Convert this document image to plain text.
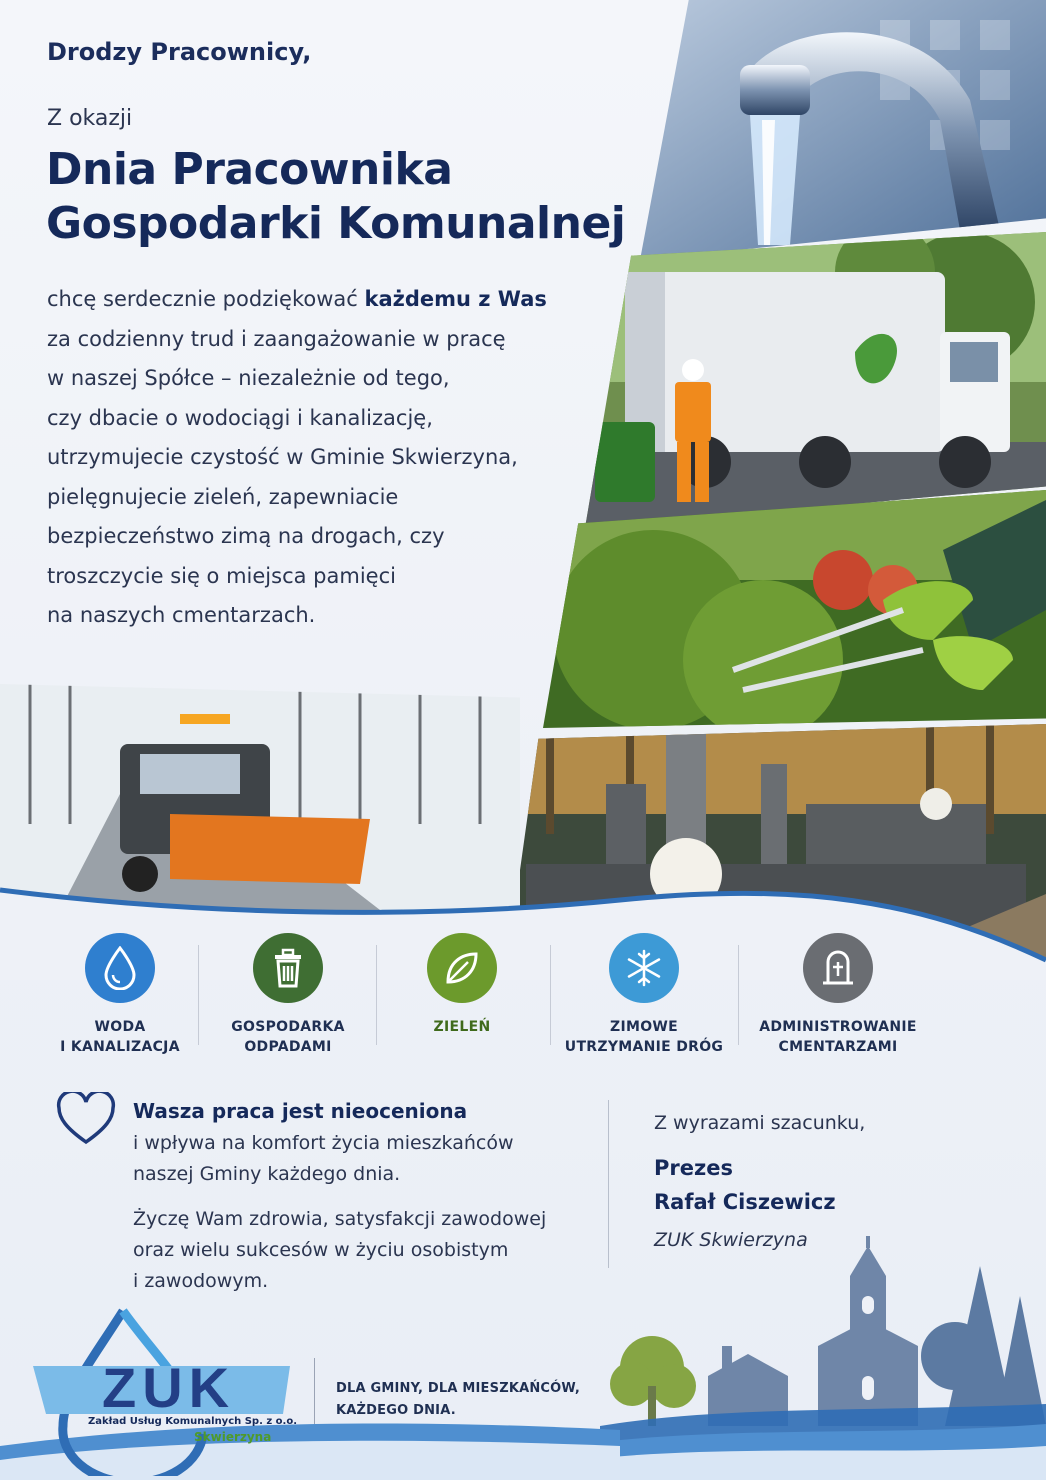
Drodzy Pracownicy,
Z okazji
Dnia Pracownika
Gospodarki Komunalnej
chcę serdecznie podziękować każdemu z Was
za codzienny trud i zaangażowanie w pracę
w naszej Spółce – niezależnie od tego,
czy dbacie o wodociągi i kanalizację,
utrzymujecie czystość w Gminie Skwierzyna,
pielęgnujecie zieleń, zapewniacie
bezpieczeństwo zimą na drogach, czy
troszczycie się o miejsca pamięci
na naszych cmentarzach.
WODA
I KANALIZACJA
GOSPODARKA
ODPADAMI
ZIELEŃ	ZIMOWE
UTRZYMANIE DRÓG
ADMINISTROWANIE
CMENTARZAMI

Wasza praca jest nieoceniona
i wpływa na komfort życia mieszkańców
naszej Gminy każdego dnia.

Życzę Wam zdrowia, satysfakcji zawodowej
oraz wielu sukcesów w życiu osobistym
i zawodowym.

Z wyrazami szacunku,
Prezes
Rafał Ciszewicz
ZUK Skwierzyna
ZUK
Zakład Usług Komunalnych Sp. z o.o.
Skwierzyna
DLA GMINY, DLA MIESZKAŃCÓW,
KAŻDEGO DNIA.
